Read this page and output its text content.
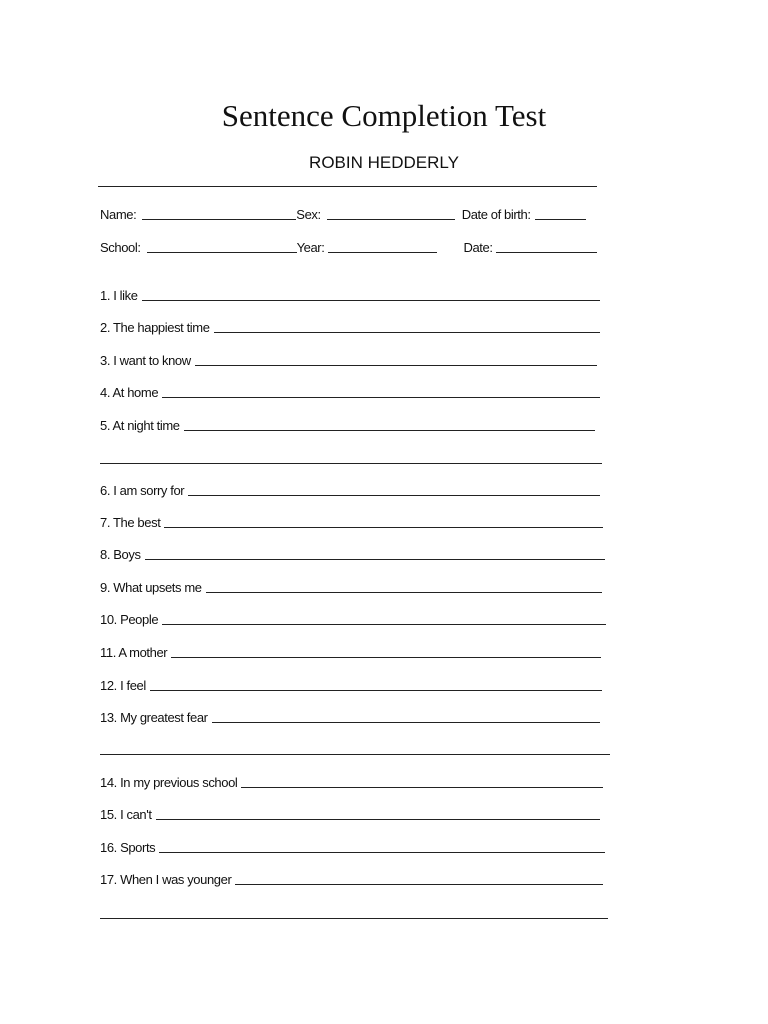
Sentence Completion Test
ROBIN HEDDERLY
Name:	Sex:	Date of birth:
School:	Year:	Date:
1. I like
2. The happiest time
3. I want to know
4. At home
5. At night time
6. I am sorry for
7. The best
8. Boys
9. What upsets me
10. People
11. A mother
12. I feel
13. My greatest fear
14. In my previous school
15. I can't
16. Sports
17. When I was younger
